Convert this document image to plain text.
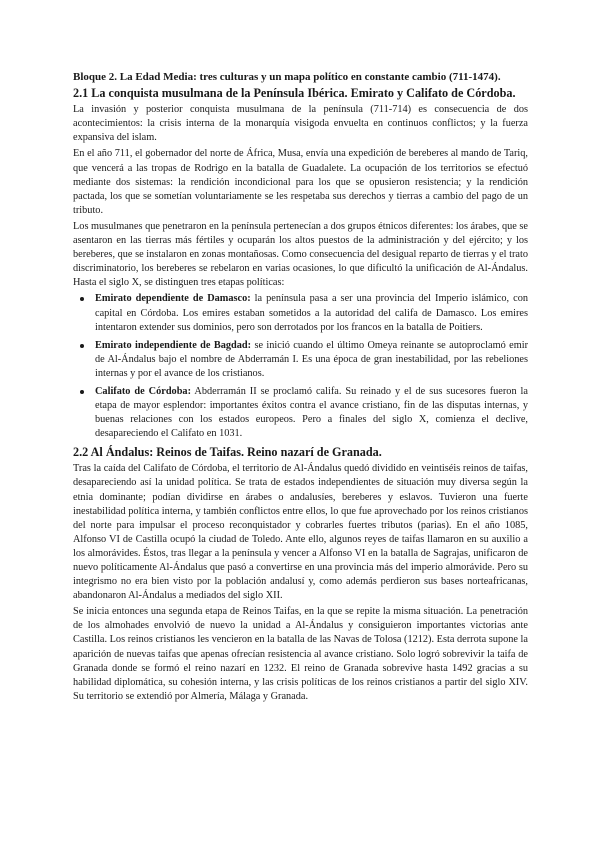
Bloque 2. La Edad Media: tres culturas y un mapa político en constante cambio (711-1474).
2.1 La conquista musulmana de la Península Ibérica. Emirato y Califato de Córdoba.

La invasión y posterior conquista musulmana de la península (711-714) es consecuencia de dos acontecimientos: la crisis interna de la monarquía visigoda envuelta en continuos conflictos; y la fuerza expansiva del islam.

En el año 711, el gobernador del norte de África, Musa, envía una expedición de bereberes al mando de Tariq, que vencerá a las tropas de Rodrigo en la batalla de Guadalete. La ocupación de los territorios se efectuó mediante dos sistemas: la rendición incondicional para los que se opusieron resistencia; y la rendición pactada, los que se sometían voluntariamente se les respetaba sus derechos y tierras a cambio del pago de un tributo.

Los musulmanes que penetraron en la península pertenecían a dos grupos étnicos diferentes: los árabes, que se asentaron en las tierras más fértiles y ocuparán los altos puestos de la administración y del ejército; y los bereberes, que se instalaron en zonas montañosas. Como consecuencia del desigual reparto de tierras y el trato discriminatorio, los bereberes se rebelaron en varias ocasiones, lo que dificultó la unificación de Al-Ándalus. Hasta el siglo X, se distinguen tres etapas políticas:

Emirato dependiente de Damasco: la península pasa a ser una provincia del Imperio islámico, con capital en Córdoba. Los emires estaban sometidos a la autoridad del califa de Damasco. Los emires intentaron extender sus dominios, pero son derrotados por los francos en la batalla de Poitiers.
Emirato independiente de Bagdad: se inició cuando el último Omeya reinante se autoproclamó emir de Al-Ándalus bajo el nombre de Abderramán I. Es una época de gran inestabilidad, por las rebeliones internas y por el avance de los cristianos.
Califato de Córdoba: Abderramán II se proclamó califa. Su reinado y el de sus sucesores fueron la etapa de mayor esplendor: importantes éxitos contra el avance cristiano, fin de las disputas internas, y buenas relaciones con los estados europeos. Pero a finales del siglo X, comienza el declive, desapareciendo el Califato en 1031.
2.2 Al Ándalus: Reinos de Taifas. Reino nazarí de Granada.

Tras la caída del Califato de Córdoba, el territorio de Al-Ándalus quedó dividido en veintiséis reinos de taifas, desapareciendo así la unidad política. Se trata de estados independientes de situación muy diversa según la etnia dominante; podían dividirse en árabes o andalusíes, bereberes y eslavos. Tuvieron una fuerte inestabilidad política interna, y también conflictos entre ellos, lo que fue aprovechado por los reinos cristianos del norte para impulsar el proceso reconquistador y cobrarles fuertes tributos (parias). En el año 1085, Alfonso VI de Castilla ocupó la ciudad de Toledo. Ante ello, algunos reyes de taifas llamaron en su auxilio a los almorávides. Éstos, tras llegar a la península y vencer a Alfonso VI en la batalla de Sagrajas, unificaron de nuevo políticamente Al-Ándalus que pasó a convertirse en una provincia más del imperio almorávide. Pero su integrismo no era bien visto por la población andalusí y, como además perdieron sus bases norteafricanas, abandonaron Al-Ándalus a mediados del siglo XII.

Se inicia entonces una segunda etapa de Reinos Taifas, en la que se repite la misma situación. La penetración de los almohades envolvió de nuevo la unidad a Al-Ándalus y consiguieron importantes victorias ante Castilla. Los reinos cristianos les vencieron en la batalla de las Navas de Tolosa (1212). Esta derrota supone la aparición de nuevas taifas que apenas ofrecían resistencia al avance cristiano. Solo logró sobrevivir la taifa de Granada donde se formó el reino nazarí en 1232. El reino de Granada sobrevive hasta 1492 gracias a su habilidad diplomática, su cohesión interna, y las crisis políticas de los reinos cristianos a partir del siglo XIV. Su territorio se extendió por Almería, Málaga y Granada.
